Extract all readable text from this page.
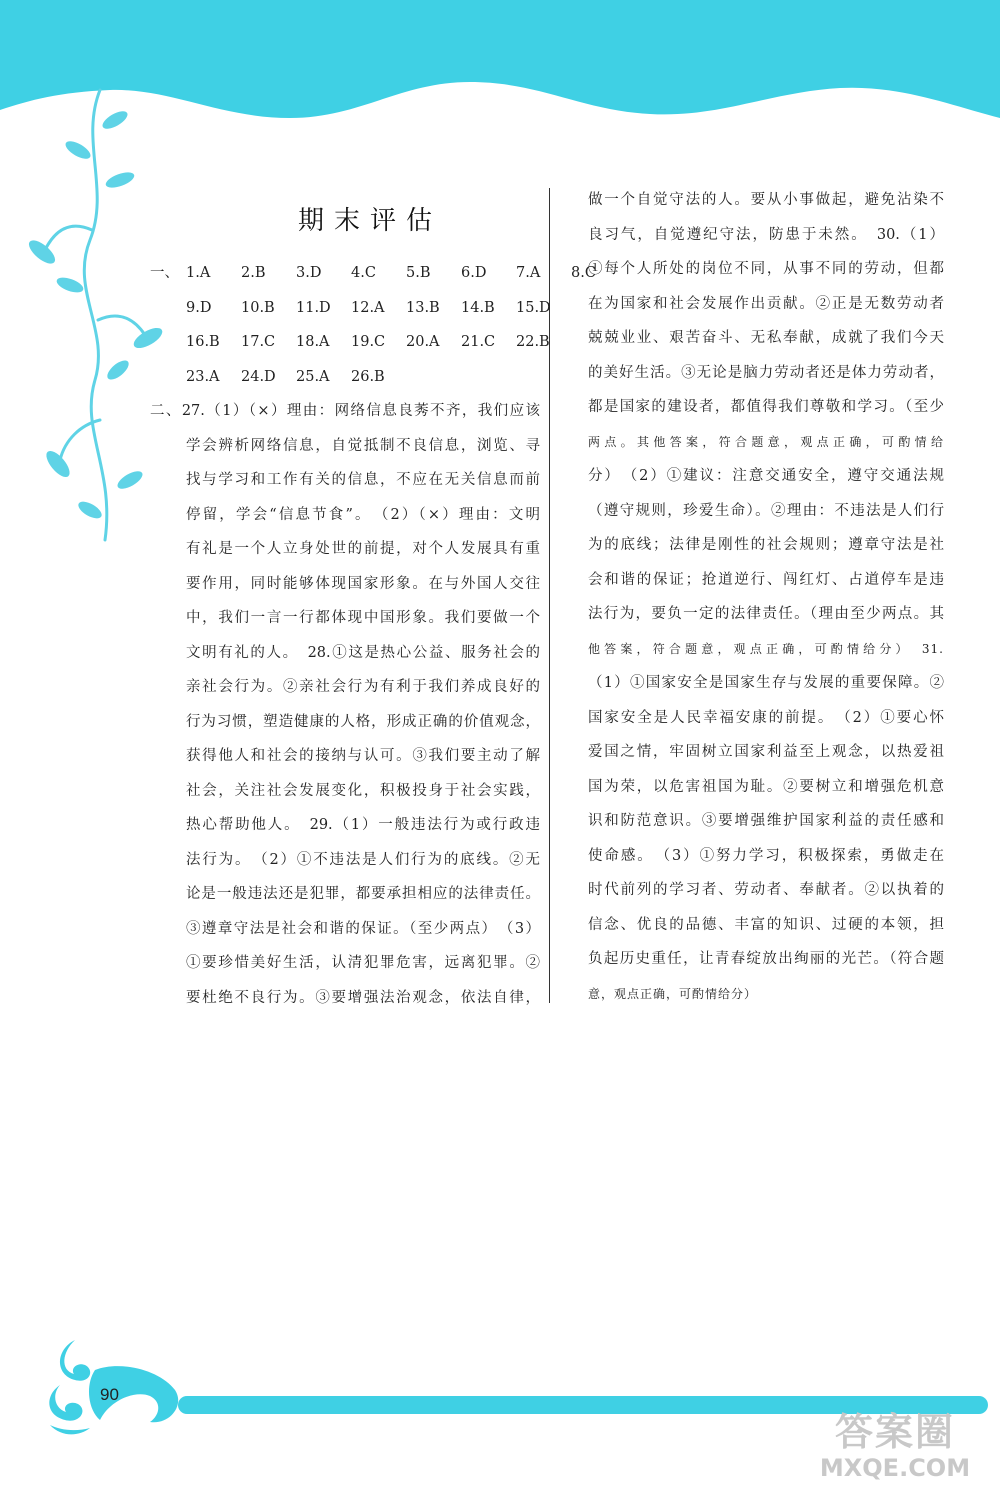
期末评估
一、 1.A	2.B	3.D	4.C	5.B	6.D	7.A	8.C
9.D	10.B	11.D	12.A	13.B	14.B	15.D
16.B	17.C	18.A	19.C	20.A	21.C	22.B
23.A	24.D	25.A	26.B
二、27.（1）（×）理由：网络信息良莠不齐，我们应该
学会辨析网络信息，自觉抵制不良信息，浏览、寻
找与学习和工作有关的信息，不应在无关信息而前
停留，学会“信息节食”。　（2）（×）理由：文明
有礼是一个人立身处世的前提，对个人发展具有重
要作用，同时能够体现国家形象。在与外国人交往
中，我们一言一行都体现中国形象。我们要做一个
文明有礼的人。　28.①这是热心公益、服务社会的
亲社会行为。②亲社会行为有利于我们养成良好的
行为习惯，塑造健康的人格，形成正确的价值观念，
获得他人和社会的接纳与认可。③我们要主动了解
社会，关注社会发展变化，积极投身于社会实践，
热心帮助他人。　29.（1）一般违法行为或行政违
法行为。　（2）①不违法是人们行为的底线。②无
论是一般违法还是犯罪，都要承担相应的法律责任。
③遵章守法是社会和谐的保证。（至少两点）　（3）
①要珍惜美好生活，认清犯罪危害，远离犯罪。②
要杜绝不良行为。③要增强法治观念，依法自律，
做一个自觉守法的人。要从小事做起，避免沾染不
良习气，自觉遵纪守法，防患于未然。　30.（1）
①每个人所处的岗位不同，从事不同的劳动，但都
在为国家和社会发展作出贡献。②正是无数劳动者
兢兢业业、艰苦奋斗、无私奉献，成就了我们今天
的美好生活。③无论是脑力劳动者还是体力劳动者，
都是国家的建设者，都值得我们尊敬和学习。（至少
两点。其他答案，符合题意，观点正确，可酌情给
分）　（2）①建议：注意交通安全，遵守交通法规
（遵守规则，珍爱生命）。②理由：不违法是人们行
为的底线；法律是刚性的社会规则；遵章守法是社
会和谐的保证；抢道逆行、闯红灯、占道停车是违
法行为，要负一定的法律责任。（理由至少两点。其
他答案，符合题意，观点正确，可酌情给分）　31.
（1）①国家安全是国家生存与发展的重要保障。②
国家安全是人民幸福安康的前提。　（2）①要心怀
爱国之情，牢固树立国家利益至上观念，以热爱祖
国为荣，以危害祖国为耻。②要树立和增强危机意
识和防范意识。③要增强维护国家利益的责任感和
使命感。　（3）①努力学习，积极探索，勇做走在
时代前列的学习者、劳动者、奉献者。②以执着的
信念、优良的品德、丰富的知识、过硬的本领，担
负起历史重任，让青春绽放出绚丽的光芒。（符合题
意，观点正确，可酌情给分）
90
答案圈
MXQE.COM
